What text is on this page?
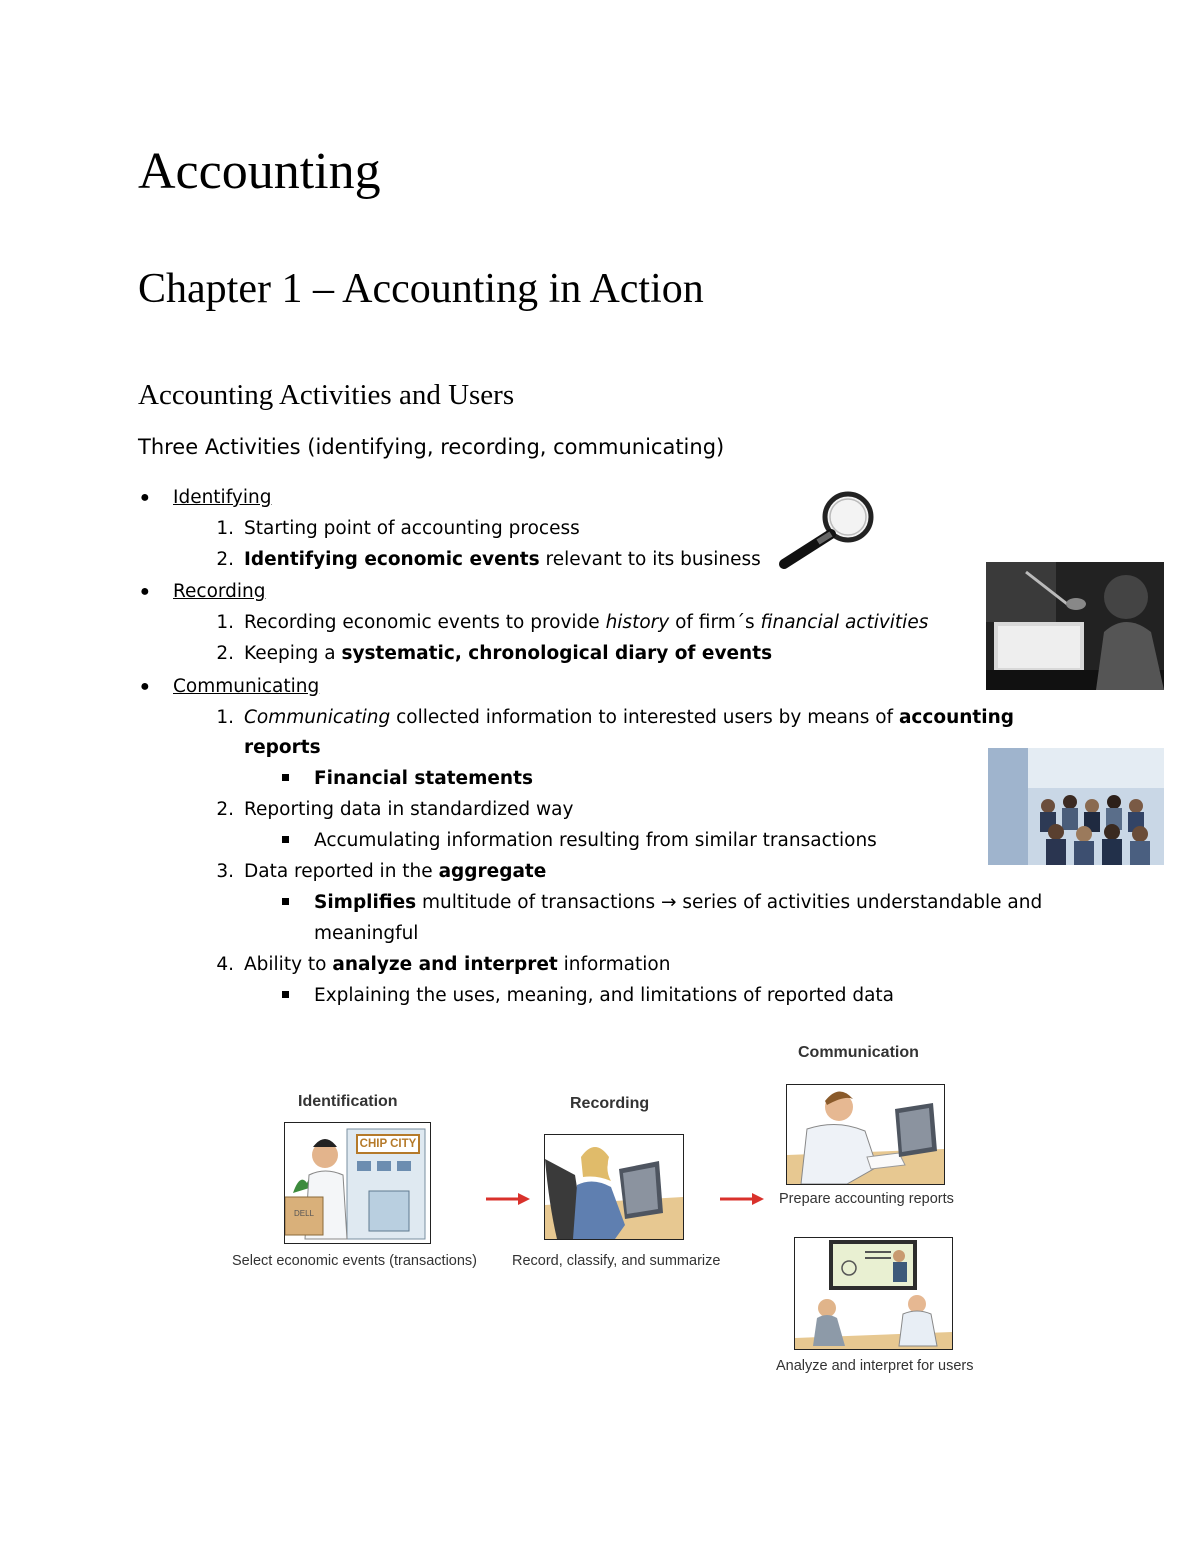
Accounting
Chapter 1 – Accounting in Action
Accounting Activities and Users
Three Activities (identifying, recording, communicating)
● Identifying
1. Starting point of accounting process
2. Identifying economic events relevant to its business
● Recording
1. Recording economic events to provide history of firm´s financial activities
2. Keeping a systematic, chronological diary of events
● Communicating
1. Communicating collected information to interested users by means of accounting
reports
Financial statements
2. Reporting data in standardized way
Accumulating information resulting from similar transactions
3. Data reported in the aggregate
Simplifies multitude of transactions → series of activities understandable and
meaningful
4. Ability to analyze and interpret information
Explaining the uses, meaning, and limitations of reported data
Identification
CHIP CITY
DELL
Select economic events (transactions)
Recording
Record, classify, and summarize
Communication
Prepare accounting reports
Analyze and interpret for users
